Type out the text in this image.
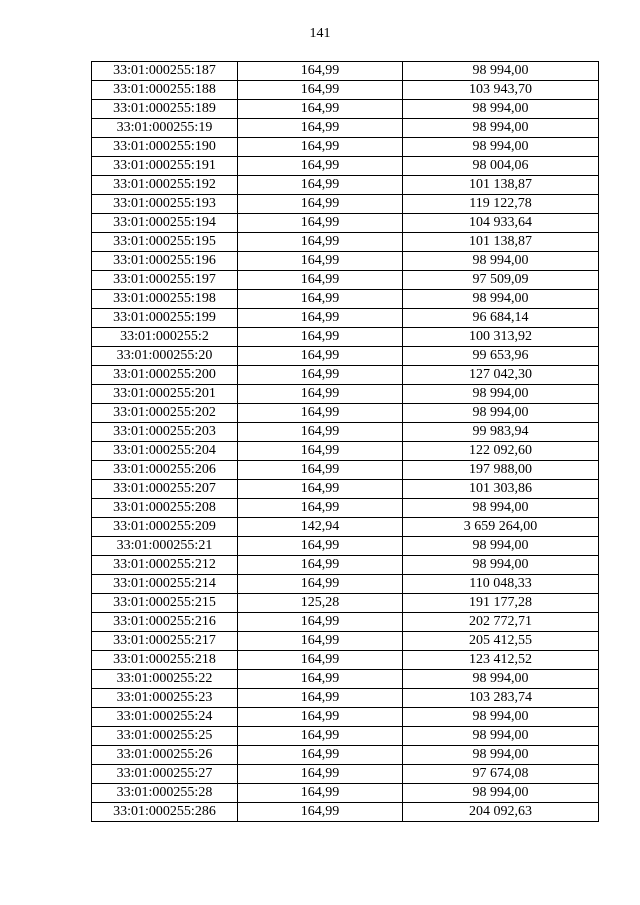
141
33:01:000255:187	164,99	98 994,00
33:01:000255:188	164,99	103 943,70
33:01:000255:189	164,99	98 994,00
33:01:000255:19	164,99	98 994,00
33:01:000255:190	164,99	98 994,00
33:01:000255:191	164,99	98 004,06
33:01:000255:192	164,99	101 138,87
33:01:000255:193	164,99	119 122,78
33:01:000255:194	164,99	104 933,64
33:01:000255:195	164,99	101 138,87
33:01:000255:196	164,99	98 994,00
33:01:000255:197	164,99	97 509,09
33:01:000255:198	164,99	98 994,00
33:01:000255:199	164,99	96 684,14
33:01:000255:2	164,99	100 313,92
33:01:000255:20	164,99	99 653,96
33:01:000255:200	164,99	127 042,30
33:01:000255:201	164,99	98 994,00
33:01:000255:202	164,99	98 994,00
33:01:000255:203	164,99	99 983,94
33:01:000255:204	164,99	122 092,60
33:01:000255:206	164,99	197 988,00
33:01:000255:207	164,99	101 303,86
33:01:000255:208	164,99	98 994,00
33:01:000255:209	142,94	3 659 264,00
33:01:000255:21	164,99	98 994,00
33:01:000255:212	164,99	98 994,00
33:01:000255:214	164,99	110 048,33
33:01:000255:215	125,28	191 177,28
33:01:000255:216	164,99	202 772,71
33:01:000255:217	164,99	205 412,55
33:01:000255:218	164,99	123 412,52
33:01:000255:22	164,99	98 994,00
33:01:000255:23	164,99	103 283,74
33:01:000255:24	164,99	98 994,00
33:01:000255:25	164,99	98 994,00
33:01:000255:26	164,99	98 994,00
33:01:000255:27	164,99	97 674,08
33:01:000255:28	164,99	98 994,00
33:01:000255:286	164,99	204 092,63
